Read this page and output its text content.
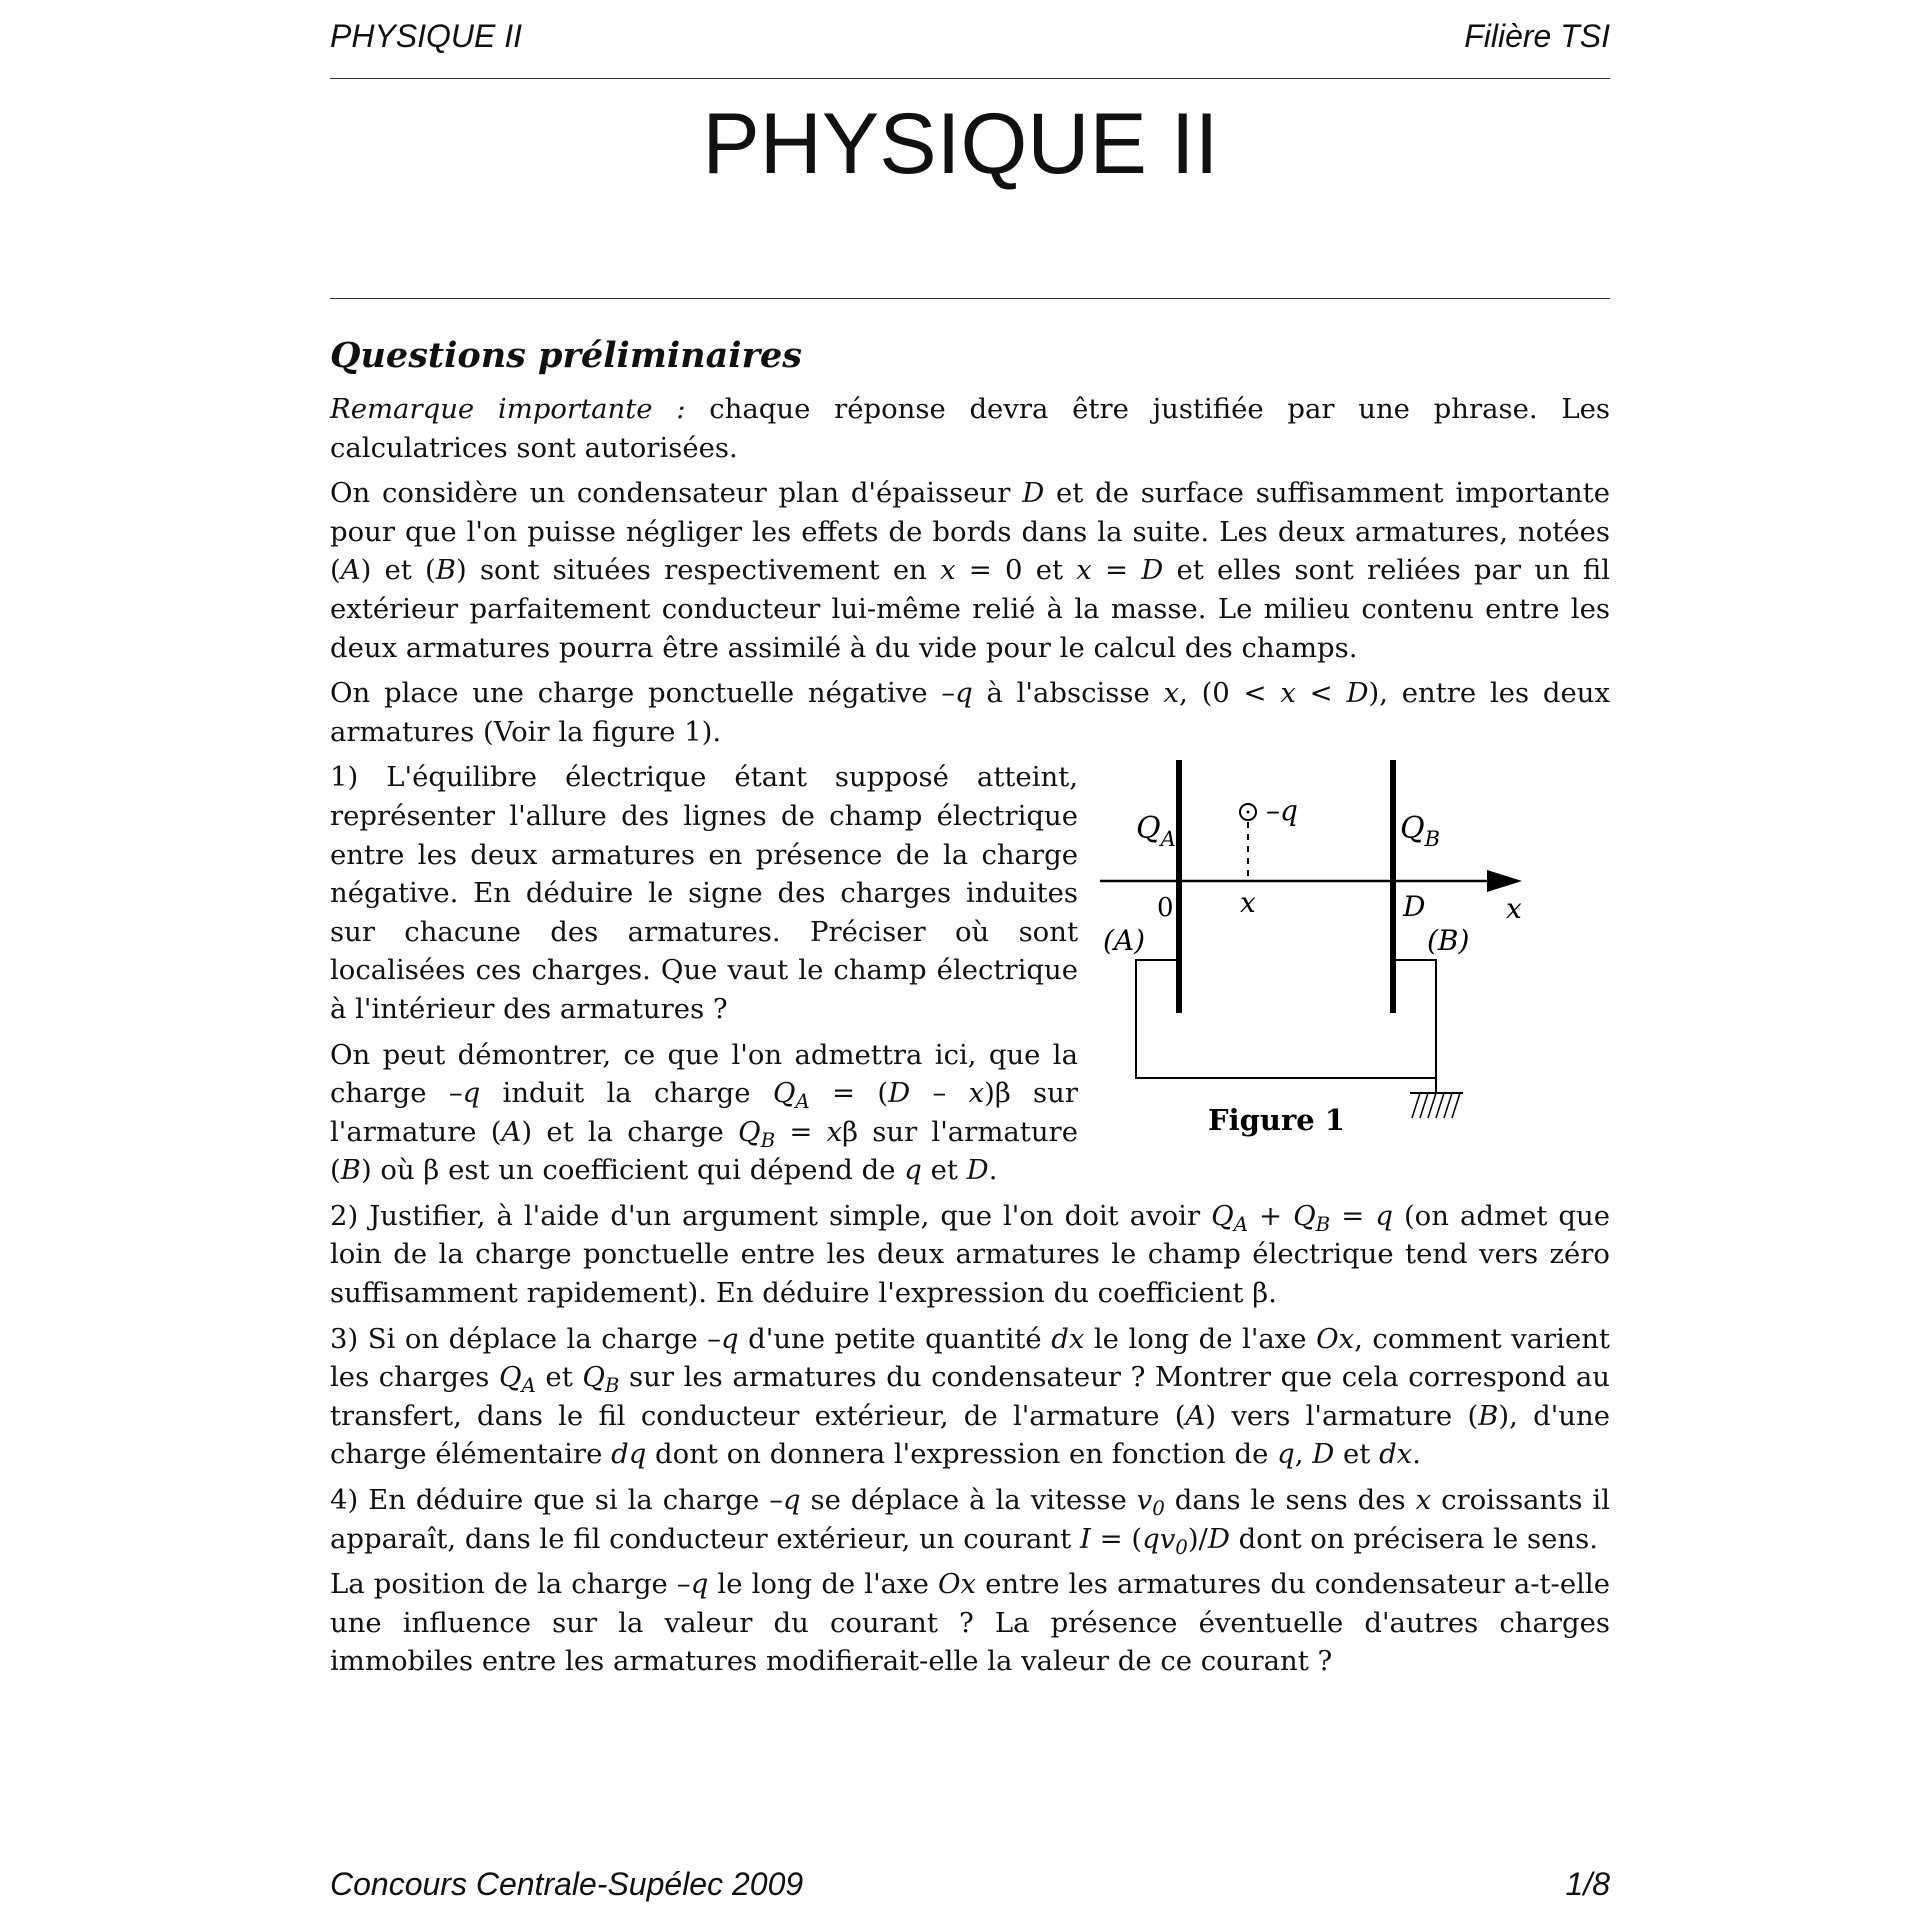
PHYSIQUE II	Filière TSI
PHYSIQUE II
Questions préliminaires

Remarque importante : chaque réponse devra être justifiée par une phrase. Les calculatrices sont autorisées.

On considère un condensateur plan d'épaisseur D et de surface suffisamment importante pour que l'on puisse négliger les effets de bords dans la suite. Les deux armatures, notées (A) et (B) sont situées respectivement en x = 0 et x = D et elles sont reliées par un fil extérieur parfaitement conducteur lui-même relié à la masse. Le milieu contenu entre les deux armatures pourra être assimilé à du vide pour le calcul des champs.

On place une charge ponctuelle négative –q à l'abscisse x, (0 < x < D), entre les deux armatures (Voir la figure 1).

1) L'équilibre électrique étant supposé atteint, représenter l'allure des lignes de champ électrique entre les deux armatures en présence de la charge négative. En déduire le signe des charges induites sur chacune des armatures. Préciser où sont localisées ces charges. Que vaut le champ électrique à l'intérieur des armatures ?

On peut démontrer, ce que l'on admettra ici, que la charge –q induit la charge $Q_A = (D - x)\beta$ sur l'armature (A) et la charge $Q_B = x\beta$ sur l'armature (B) où β est un coefficient qui dépend de q et D.

2) Justifier, à l'aide d'un argument simple, que l'on doit avoir $Q_A + Q_B = q$ (on admet que loin de la charge ponctuelle entre les deux armatures le champ électrique tend vers zéro suffisamment rapidement). En déduire l'expression du coefficient β.

3) Si on déplace la charge –q d'une petite quantité dx le long de l'axe Ox, comment varient les charges $Q_A$ et $Q_B$ sur les armatures du condensateur ? Montrer que cela correspond au transfert, dans le fil conducteur extérieur, de l'armature (A) vers l'armature (B), d'une charge élémentaire dq dont on donnera l'expression en fonction de q, D et dx.

4) En déduire que si la charge –q se déplace à la vitesse $v_0$ dans le sens des x croissants il apparaît, dans le fil conducteur extérieur, un courant $I = (qv_0)/D$ dont on précisera le sens.

La position de la charge –q le long de l'axe Ox entre les armatures du condensateur a-t-elle une influence sur la valeur du courant ? La présence éventuelle d'autres charges immobiles entre les armatures modifierait-elle la valeur de ce courant ?

$Q_A$	$Q_B$
–q
x
0	D	x
(A)	(B)
Figure 1
Concours Centrale-Supélec 2009	1/8
